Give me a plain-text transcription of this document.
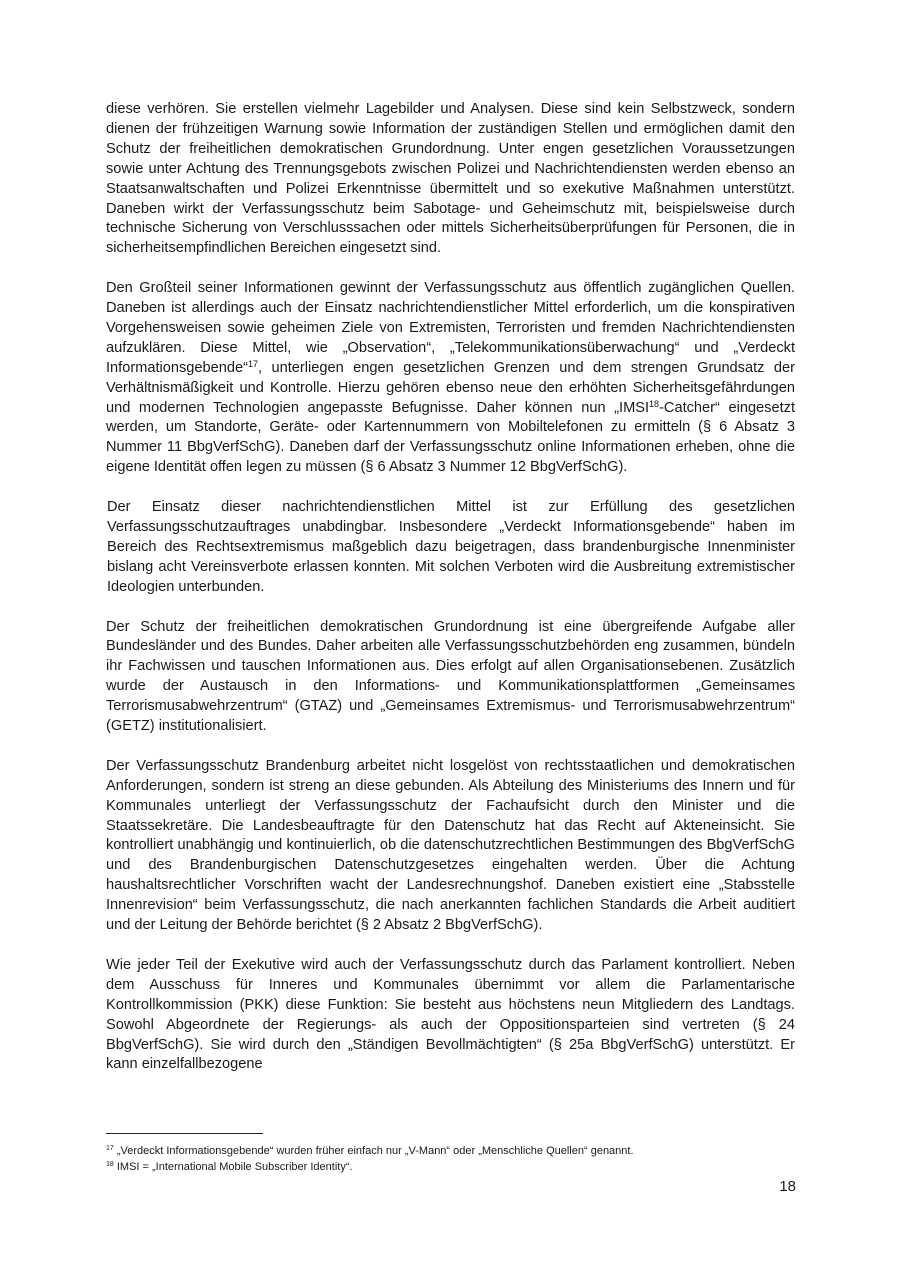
diese verhören. Sie erstellen vielmehr Lagebilder und Analysen. Diese sind kein Selbstzweck, sondern dienen der frühzeitigen Warnung sowie Information der zuständigen Stellen und ermöglichen damit den Schutz der freiheitlichen demokratischen Grundordnung. Unter engen gesetzlichen Voraussetzungen sowie unter Achtung des Trennungsgebots zwischen Polizei und Nachrichtendiensten werden ebenso an Staatsanwaltschaften und Polizei Erkenntnisse übermittelt und so exekutive Maßnahmen unterstützt. Daneben wirkt der Verfassungsschutz beim Sabotage- und Geheimschutz mit, beispielsweise durch technische Sicherung von Verschlusssachen oder mittels Sicherheitsüberprüfungen für Personen, die in sicherheitsempfindlichen Bereichen eingesetzt sind.

Den Großteil seiner Informationen gewinnt der Verfassungsschutz aus öffentlich zugänglichen Quellen. Daneben ist allerdings auch der Einsatz nachrichtendienstlicher Mittel erforderlich, um die konspirativen Vorgehensweisen sowie geheimen Ziele von Extremisten, Terroristen und fremden Nachrichtendiensten aufzuklären. Diese Mittel, wie „Observation“, „Telekommunikationsüberwachung“ und „Verdeckt Informationsgebende“$^{17}$, unterliegen engen gesetzlichen Grenzen und dem strengen Grundsatz der Verhältnismäßigkeit und Kontrolle. Hierzu gehören ebenso neue den erhöhten Sicherheitsgefährdungen und modernen Technologien angepasste Befugnisse. Daher können nun „IMSI$^{18}$-Catcher“ eingesetzt werden, um Standorte, Geräte- oder Kartennummern von Mobiltelefonen zu ermitteln (§ 6 Absatz 3 Nummer 11 BbgVerfSchG). Daneben darf der Verfassungsschutz online Informationen erheben, ohne die eigene Identität offen legen zu müssen (§ 6 Absatz 3 Nummer 12 BbgVerfSchG).

Der Einsatz dieser nachrichtendienstlichen Mittel ist zur Erfüllung des gesetzlichen Verfassungsschutzauftrages unabdingbar. Insbesondere „Verdeckt Informationsgebende“ haben im Bereich des Rechtsextremismus maßgeblich dazu beigetragen, dass brandenburgische Innenminister bislang acht Vereinsverbote erlassen konnten. Mit solchen Verboten wird die Ausbreitung extremistischer Ideologien unterbunden.

Der Schutz der freiheitlichen demokratischen Grundordnung ist eine übergreifende Aufgabe aller Bundesländer und des Bundes. Daher arbeiten alle Verfassungsschutzbehörden eng zusammen, bündeln ihr Fachwissen und tauschen Informationen aus. Dies erfolgt auf allen Organisationsebenen. Zusätzlich wurde der Austausch in den Informations- und Kommunikationsplattformen „Gemeinsames Terrorismusabwehrzentrum“ (GTAZ) und „Gemeinsames Extremismus- und Terrorismusabwehrzentrum“ (GETZ) institutionalisiert.

Der Verfassungsschutz Brandenburg arbeitet nicht losgelöst von rechtsstaatlichen und demokratischen Anforderungen, sondern ist streng an diese gebunden. Als Abteilung des Ministeriums des Innern und für Kommunales unterliegt der Verfassungsschutz der Fachaufsicht durch den Minister und die Staatssekretäre. Die Landesbeauftragte für den Datenschutz hat das Recht auf Akteneinsicht. Sie kontrolliert unabhängig und kontinuierlich, ob die datenschutzrechtlichen Bestimmungen des BbgVerfSchG und des Brandenburgischen Datenschutzgesetzes eingehalten werden. Über die Achtung haushaltsrechtlicher Vorschriften wacht der Landesrechnungshof. Daneben existiert eine „Stabsstelle Innenrevision“ beim Verfassungsschutz, die nach anerkannten fachlichen Standards die Arbeit auditiert und der Leitung der Behörde berichtet (§ 2 Absatz 2 BbgVerfSchG).

Wie jeder Teil der Exekutive wird auch der Verfassungsschutz durch das Parlament kontrolliert. Neben dem Ausschuss für Inneres und Kommunales übernimmt vor allem die Parlamentarische Kontrollkommission (PKK) diese Funktion: Sie besteht aus höchstens neun Mitgliedern des Landtags. Sowohl Abgeordnete der Regierungs- als auch der Oppositionsparteien sind vertreten (§ 24 BbgVerfSchG). Sie wird durch den „Ständigen Bevollmächtigten“ (§ 25a BbgVerfSchG) unterstützt. Er kann einzelfallbezogene

$^{17}$ „Verdeckt Informationsgebende“ wurden früher einfach nur „V-Mann“ oder „Menschliche Quellen“ genannt.
$^{18}$ IMSI = „International Mobile Subscriber Identity“.
18
